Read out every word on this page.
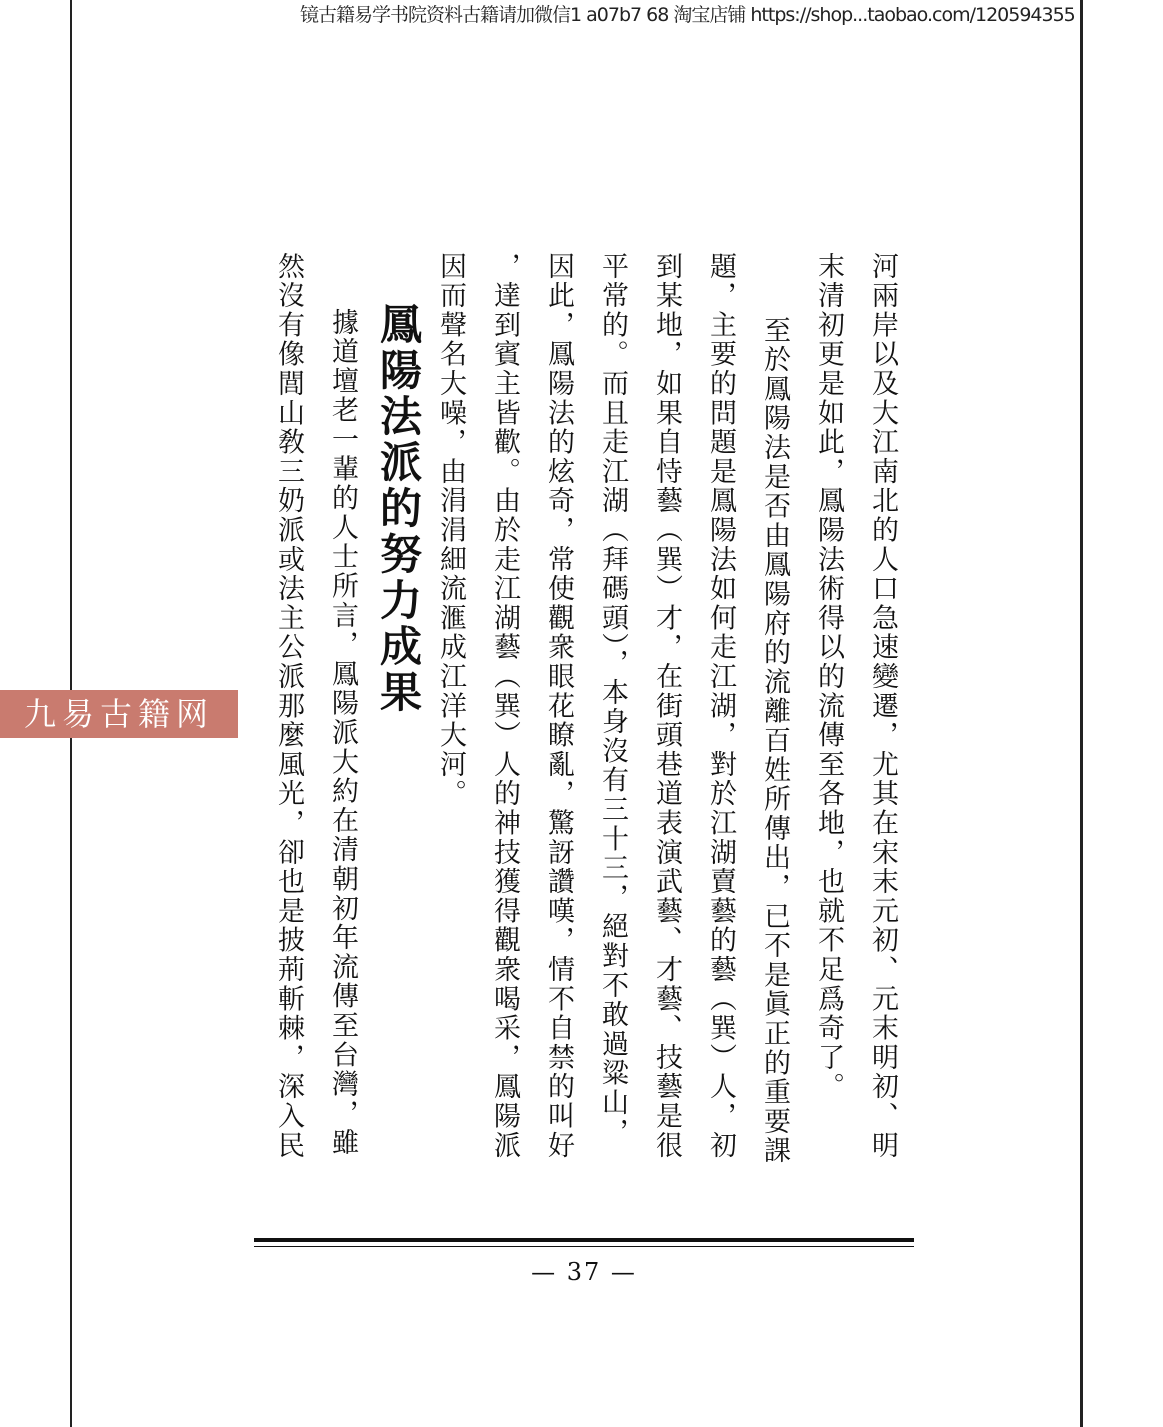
镜古籍易学书院资料古籍请加微信1 a07b7 68 淘宝店铺 https://shop...taobao.com/120594355
九易古籍网	河兩岸以及大江南北的人口急速變遷，尤其在宋末元初、元末明初、明
末清初更是如此，鳳陽法術得以的流傳至各地，也就不足爲奇了。
至於鳳陽法是否由鳳陽府的流離百姓所傳出，已不是眞正的重要課
題，主要的問題是鳳陽法如何走江湖，對於江湖賣藝的藝（巽）人，初
到某地，如果自恃藝（巽）才，在街頭巷道表演武藝、才藝、技藝是很
平常的。而且走江湖（拜碼頭），本身沒有三十三，絕對不敢過粱山，
因此，鳳陽法的炫奇，常使觀衆眼花瞭亂，驚訝讚嘆，情不自禁的叫好
，達到賓主皆歡。由於走江湖藝（巽）人的神技獲得觀衆喝采，鳳陽派
因而聲名大噪，由涓涓細流滙成江洋大河。
鳳陽法派的努力成果
據道壇老一輩的人士所言，鳳陽派大約在清朝初年流傳至台灣，雖
然沒有像閭山敎三奶派或法主公派那麼風光，卻也是披荊斬棘，深入民
— 37 —
